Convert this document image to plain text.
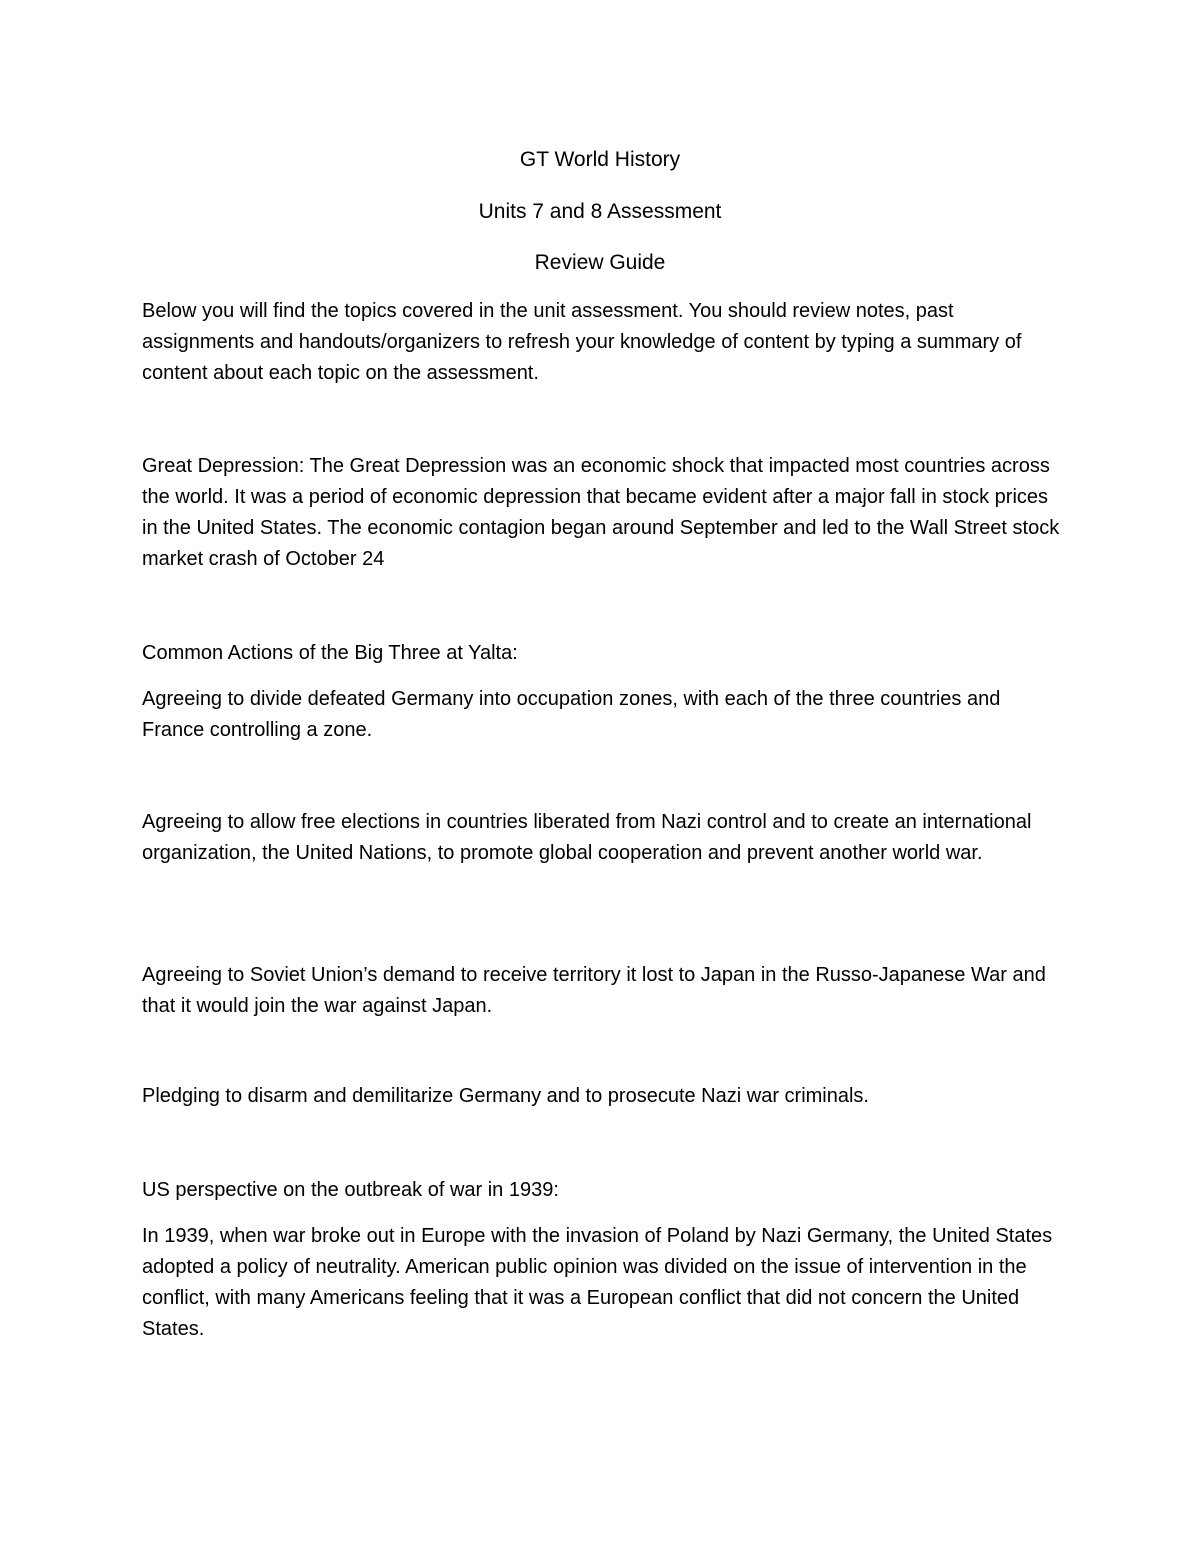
GT World History

Units 7 and 8 Assessment

Review Guide

Below you will find the topics covered in the unit assessment. You should review notes, past assignments and handouts/organizers to refresh your knowledge of content by typing a summary of content about each topic on the assessment.

Great Depression: The Great Depression was an economic shock that impacted most countries across the world. It was a period of economic depression that became evident after a major fall in stock prices in the United States. The economic contagion began around September and led to the Wall Street stock market crash of October 24

Common Actions of the Big Three at Yalta:

Agreeing to divide defeated Germany into occupation zones, with each of the three countries and France controlling a zone.

Agreeing to allow free elections in countries liberated from Nazi control and to create an international organization, the United Nations, to promote global cooperation and prevent another world war.

Agreeing to Soviet Union’s demand to receive territory it lost to Japan in the Russo-Japanese War and that it would join the war against Japan.

Pledging to disarm and demilitarize Germany and to prosecute Nazi war criminals.

US perspective on the outbreak of war in 1939:

In 1939, when war broke out in Europe with the invasion of Poland by Nazi Germany, the United States adopted a policy of neutrality. American public opinion was divided on the issue of intervention in the conflict, with many Americans feeling that it was a European conflict that did not concern the United States.
